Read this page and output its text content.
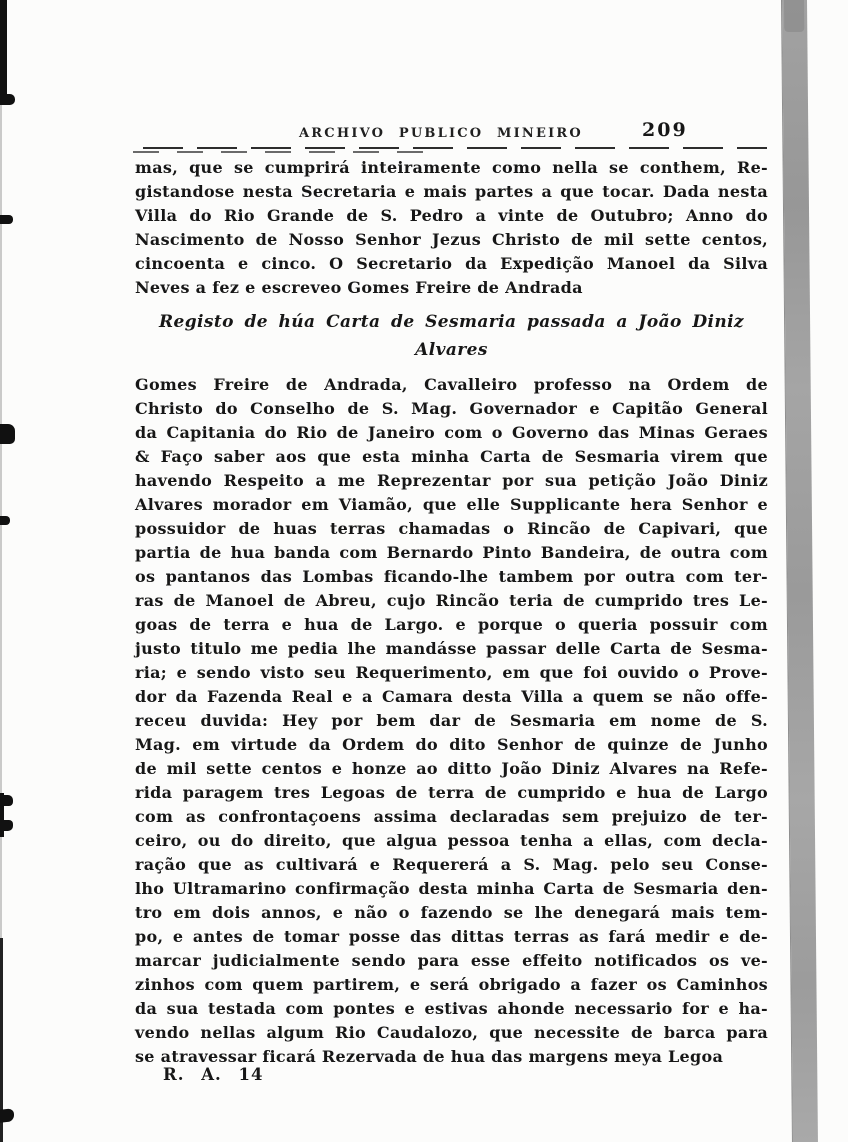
ARCHIVO PUBLICO MINEIRO	209
mas, que se cumprirá inteiramente como nella se conthem, Re-
gistandose nesta Secretaria e mais partes a que tocar. Dada nesta
Villa do Rio Grande de S. Pedro a vinte de Outubro; Anno do
Nascimento de Nosso Senhor Jezus Christo de mil sette centos,
cincoenta e cinco. O Secretario da Expedição Manoel da Silva
Neves a fez e escreveo Gomes Freire de Andrada
Registo de húa Carta de Sesmaria passada a João Diniz
Alvares
Gomes Freire de Andrada, Cavalleiro professo na Ordem de
Christo do Conselho de S. Mag. Governador e Capitão General
da Capitania do Rio de Janeiro com o Governo das Minas Geraes
& Faço saber aos que esta minha Carta de Sesmaria virem que
havendo Respeito a me Reprezentar por sua petição João Diniz
Alvares morador em Viamão, que elle Supplicante hera Senhor e
possuidor de huas terras chamadas o Rincão de Capivari, que
partia de hua banda com Bernardo Pinto Bandeira, de outra com
os pantanos das Lombas ficando-lhe tambem por outra com ter-
ras de Manoel de Abreu, cujo Rincão teria de cumprido tres Le-
goas de terra e hua de Largo. e porque o queria possuir com
justo titulo me pedia lhe mandásse passar delle Carta de Sesma-
ria; e sendo visto seu Requerimento, em que foi ouvido o Prove-
dor da Fazenda Real e a Camara desta Villa a quem se não offe-
receu duvida: Hey por bem dar de Sesmaria em nome de S.
Mag. em virtude da Ordem do dito Senhor de quinze de Junho
de mil sette centos e honze ao ditto João Diniz Alvares na Refe-
rida paragem tres Legoas de terra de cumprido e hua de Largo
com as confrontaçoens assima declaradas sem prejuizo de ter-
ceiro, ou do direito, que algua pessoa tenha a ellas, com decla-
ração que as cultivará e Requererá a S. Mag. pelo seu Conse-
lho Ultramarino confirmação desta minha Carta de Sesmaria den-
tro em dois annos, e não o fazendo se lhe denegará mais tem-
po, e antes de tomar posse das dittas terras as fará medir e de-
marcar judicialmente sendo para esse effeito notificados os ve-
zinhos com quem partirem, e será obrigado a fazer os Caminhos
da sua testada com pontes e estivas ahonde necessario for e ha-
vendo nellas algum Rio Caudalozo, que necessite de barca para
se atravessar ficará Rezervada de hua das margens meya Legoa
R. A. 14
